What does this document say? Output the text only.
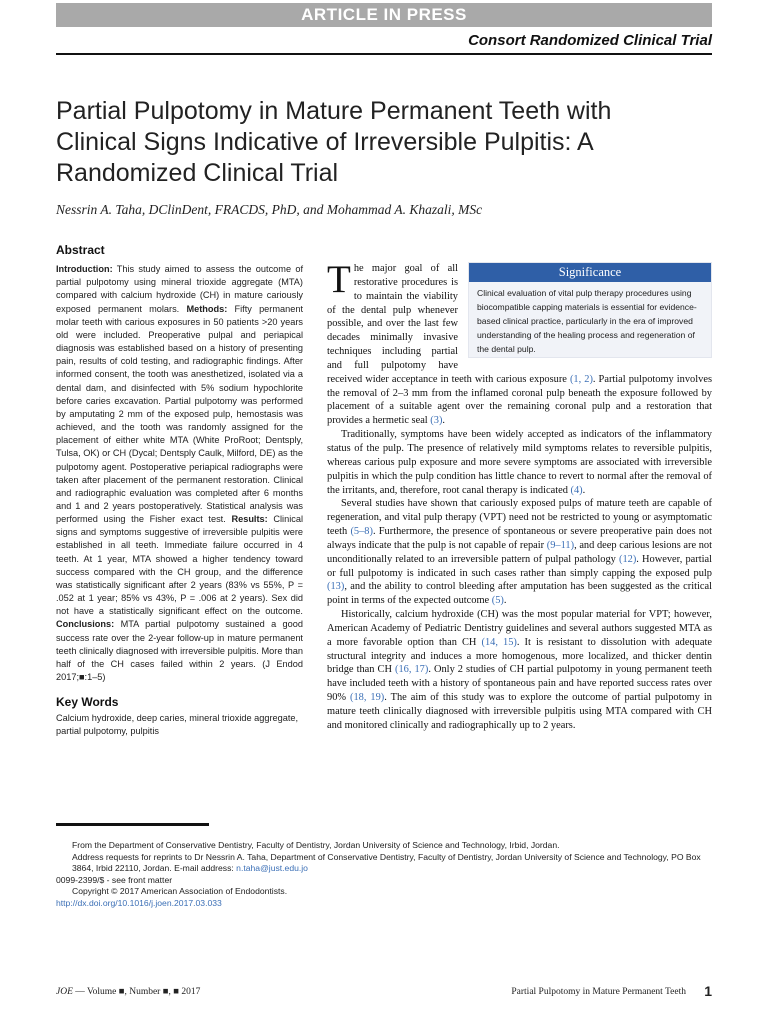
ARTICLE IN PRESS
Consort Randomized Clinical Trial
Partial Pulpotomy in Mature Permanent Teeth with Clinical Signs Indicative of Irreversible Pulpitis: A Randomized Clinical Trial
Nessrin A. Taha, DClinDent, FRACDS, PhD, and Mohammad A. Khazali, MSc
Abstract
Introduction: This study aimed to assess the outcome of partial pulpotomy using mineral trioxide aggregate (MTA) compared with calcium hydroxide (CH) in mature cariously exposed permanent molars. Methods: Fifty permanent molar teeth with carious exposures in 50 patients >20 years old were included. Preoperative pulpal and periapical diagnosis was established based on a history of presenting pain, results of cold testing, and radiographic findings. After informed consent, the tooth was anesthetized, isolated via a dental dam, and disinfected with 5% sodium hypochlorite before caries excavation. Partial pulpotomy was performed by amputating 2 mm of the exposed pulp, hemostasis was achieved, and the tooth was randomly assigned for the placement of either white MTA (White ProRoot; Dentsply, Tulsa, OK) or CH (Dycal; Dentsply Caulk, Milford, DE) as the pulpotomy agent. Postoperative periapical radiographs were taken after placement of the permanent restoration. Clinical and radiographic evaluation was completed after 6 months and 1 and 2 years postoperatively. Statistical analysis was performed using the Fisher exact test. Results: Clinical signs and symptoms suggestive of irreversible pulpitis were established in all teeth. Immediate failure occurred in 4 teeth. At 1 year, MTA showed a higher tendency toward success compared with the CH group, and the difference was statistically significant after 2 years (83% vs 55%, P = .052 at 1 year; 85% vs 43%, P = .006 at 2 years). Sex did not have a statistically significant effect on the outcome. Conclusions: MTA partial pulpotomy sustained a good success rate over the 2-year follow-up in mature permanent teeth clinically diagnosed with irreversible pulpitis. More than half of the CH cases failed within 2 years. (J Endod 2017;■:1–5)
Key Words
Calcium hydroxide, deep caries, mineral trioxide aggregate, partial pulpotomy, pulpitis
Significance
Clinical evaluation of vital pulp therapy procedures using biocompatible capping materials is essential for evidence-based clinical practice, particularly in the era of improved understanding of the healing process and regeneration of the dental pulp.

The major goal of all restorative procedures is to maintain the viability of the dental pulp whenever possible, and over the last few decades minimally invasive techniques including partial and full pulpotomy have received wider acceptance in teeth with carious exposure (1, 2). Partial pulpotomy involves the removal of 2–3 mm from the inflamed coronal pulp beneath the exposure followed by placement of a suitable agent over the remaining coronal pulp and a restoration that provides a hermetic seal (3).

Traditionally, symptoms have been widely accepted as indicators of the inflammatory status of the pulp. The presence of relatively mild symptoms relates to reversible pulpitis, whereas carious pulp exposure and more severe symptoms are associated with irreversible pulpitis in which the pulp condition has little chance to revert to normal after the removal of the irritants, and, therefore, root canal therapy is indicated (4).

Several studies have shown that cariously exposed pulps of mature teeth are capable of regeneration, and vital pulp therapy (VPT) need not be restricted to young or asymptomatic teeth (5–8). Furthermore, the presence of spontaneous or severe preoperative pain does not always indicate that the pulp is not capable of repair (9–11), and deep carious lesions are not unconditionally related to an irreversible pattern of pulpal pathology (12). However, partial or full pulpotomy is indicated in such cases rather than simply capping the exposed pulp (13), and the ability to control bleeding after amputation has been suggested as the critical point in terms of the expected outcome (5).

Historically, calcium hydroxide (CH) was the most popular material for VPT; however, American Academy of Pediatric Dentistry guidelines and several authors suggested MTA as a more favorable option than CH (14, 15). It is resistant to dissolution with adequate structural integrity and induces a more homogenous, more localized, and thicker dentin bridge than CH (16, 17). Only 2 studies of CH partial pulpotomy in young permanent teeth have included teeth with a history of spontaneous pain and have reported success rates over 90% (18, 19). The aim of this study was to explore the outcome of partial pulpotomy in mature teeth clinically diagnosed with irreversible pulpitis using MTA compared with CH and monitored clinically and radiographically up to 2 years.

From the Department of Conservative Dentistry, Faculty of Dentistry, Jordan University of Science and Technology, Irbid, Jordan.
Address requests for reprints to Dr Nessrin A. Taha, Department of Conservative Dentistry, Faculty of Dentistry, Jordan University of Science and Technology, PO Box 3864, Irbid 22110, Jordan. E-mail address: n.taha@just.edu.jo
0099-2399/$ - see front matter
Copyright © 2017 American Association of Endodontists.
http://dx.doi.org/10.1016/j.joen.2017.03.033
JOE — Volume ■, Number ■, ■ 2017	Partial Pulpotomy in Mature Permanent Teeth 1
